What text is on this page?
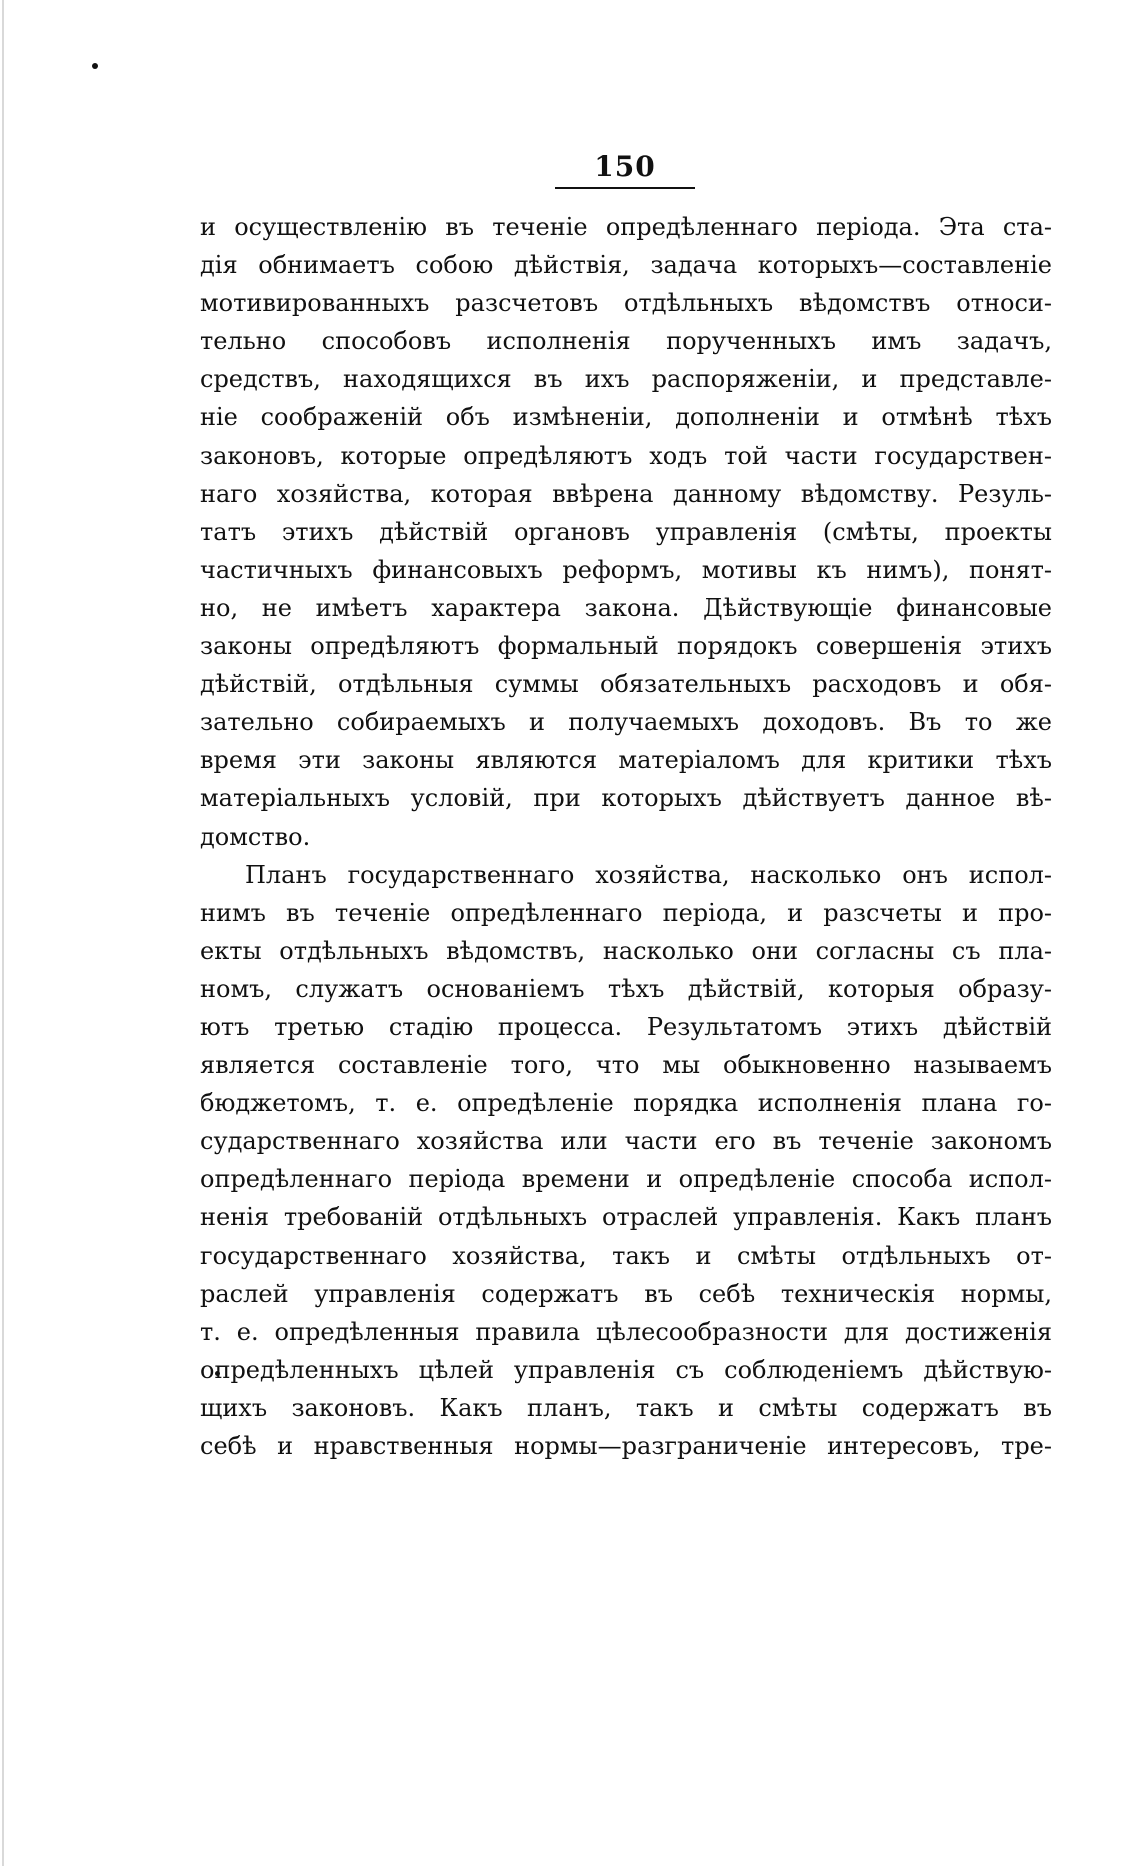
150
и осуществленію въ теченіе опредѣленнаго періода. Эта ста-
дія обнимаетъ собою дѣйствія, задача которыхъ—составленіе
мотивированныхъ разсчетовъ отдѣльныхъ вѣдомствъ относи-
тельно способовъ исполненія порученныхъ имъ задачъ,
средствъ, находящихся въ ихъ распоряженіи, и представле-
ніе соображеній объ измѣненіи, дополненіи и отмѣнѣ тѣхъ
законовъ, которые опредѣляютъ ходъ той части государствен-
наго хозяйства, которая ввѣрена данному вѣдомству. Резуль-
татъ этихъ дѣйствій органовъ управленія (смѣты, проекты
частичныхъ финансовыхъ реформъ, мотивы къ нимъ), понят-
но, не имѣетъ характера закона. Дѣйствующіе финансовые
законы опредѣляютъ формальный порядокъ совершенія этихъ
дѣйствій, отдѣльныя суммы обязательныхъ расходовъ и обя-
зательно собираемыхъ и получаемыхъ доходовъ. Въ то же
время эти законы являются матеріаломъ для критики тѣхъ
матеріальныхъ условій, при которыхъ дѣйствуетъ данное вѣ-
домство.
Планъ государственнаго хозяйства, насколько онъ испол-
нимъ въ теченіе опредѣленнаго періода, и разсчеты и про-
екты отдѣльныхъ вѣдомствъ, насколько они согласны съ пла-
номъ, служатъ основаніемъ тѣхъ дѣйствій, которыя образу-
ютъ третью стадію процесса. Результатомъ этихъ дѣйствій
является составленіе того, что мы обыкновенно называемъ
бюджетомъ, т. е. опредѣленіе порядка исполненія плана го-
сударственнаго хозяйства или части его въ теченіе закономъ
опредѣленнаго періода времени и опредѣленіе способа испол-
ненія требованій отдѣльныхъ отраслей управленія. Какъ планъ
государственнаго хозяйства, такъ и смѣты отдѣльныхъ от-
раслей управленія содержатъ въ себѣ техническія нормы,
т. е. опредѣленныя правила цѣлесообразности для достиженія
опредѣленныхъ цѣлей управленія съ соблюденіемъ дѣйствую-
щихъ законовъ. Какъ планъ, такъ и смѣты содержатъ въ
себѣ и нравственныя нормы—разграниченіе интересовъ, тре-
